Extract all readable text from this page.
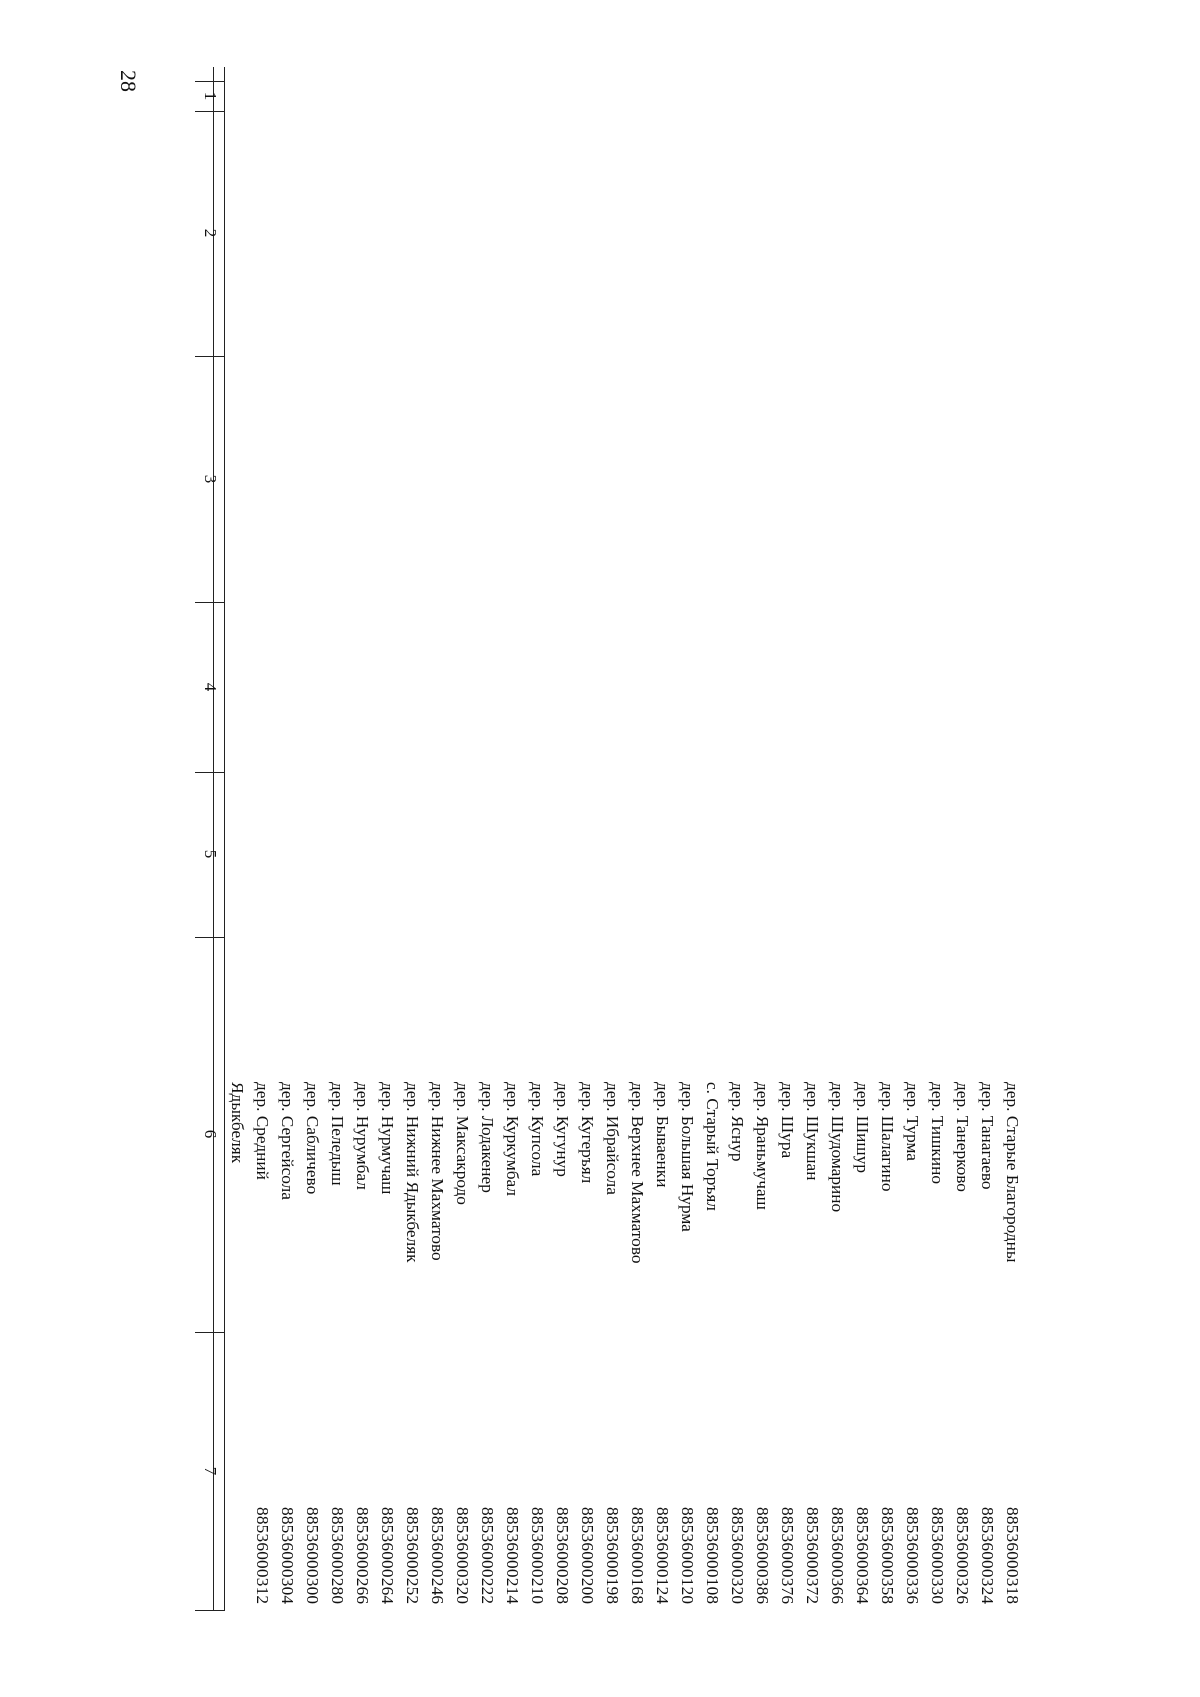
28
1
2
3
4
5
6
7
дер. Старые Благородны
дер. Танагаево
дер. Танерково
дер. Тишкино
дер. Турма
дер. Шалагино
дер. Шишур
дер. Шудомарино
дер. Шукшан
дер. Шура
дер. Яраньмучаш
дер. Яснур
с. Старый Торъял
дер. Большая Нурма
дер. Бываенки
дер. Верхнее Махматово
дер. Ибрайсола
дер. Кугеръял
дер. Кугунур
дер. Купсола
дер. Куркумбал
дер. Лодакенер
дер. Максакродо
дер. Нижнее Махматово
дер. Нижний Ядыкбеляк
дер. Нурмучаш
дер. Нурумбал
дер. Пеледыш
дер. Сабличево
дер. Сергейсола
дер. Средний
Ядыкбеляк
88536000318
88536000324
88536000326
88536000330
88536000336
88536000358
88536000364
88536000366
88536000372
88536000376
88536000386
88536000320
88536000108
88536000120
88536000124
88536000168
88536000198
88536000200
88536000208
88536000210
88536000214
88536000222
88536000320
88536000246
88536000252
88536000264
88536000266
88536000280
88536000300
88536000304
88536000312
